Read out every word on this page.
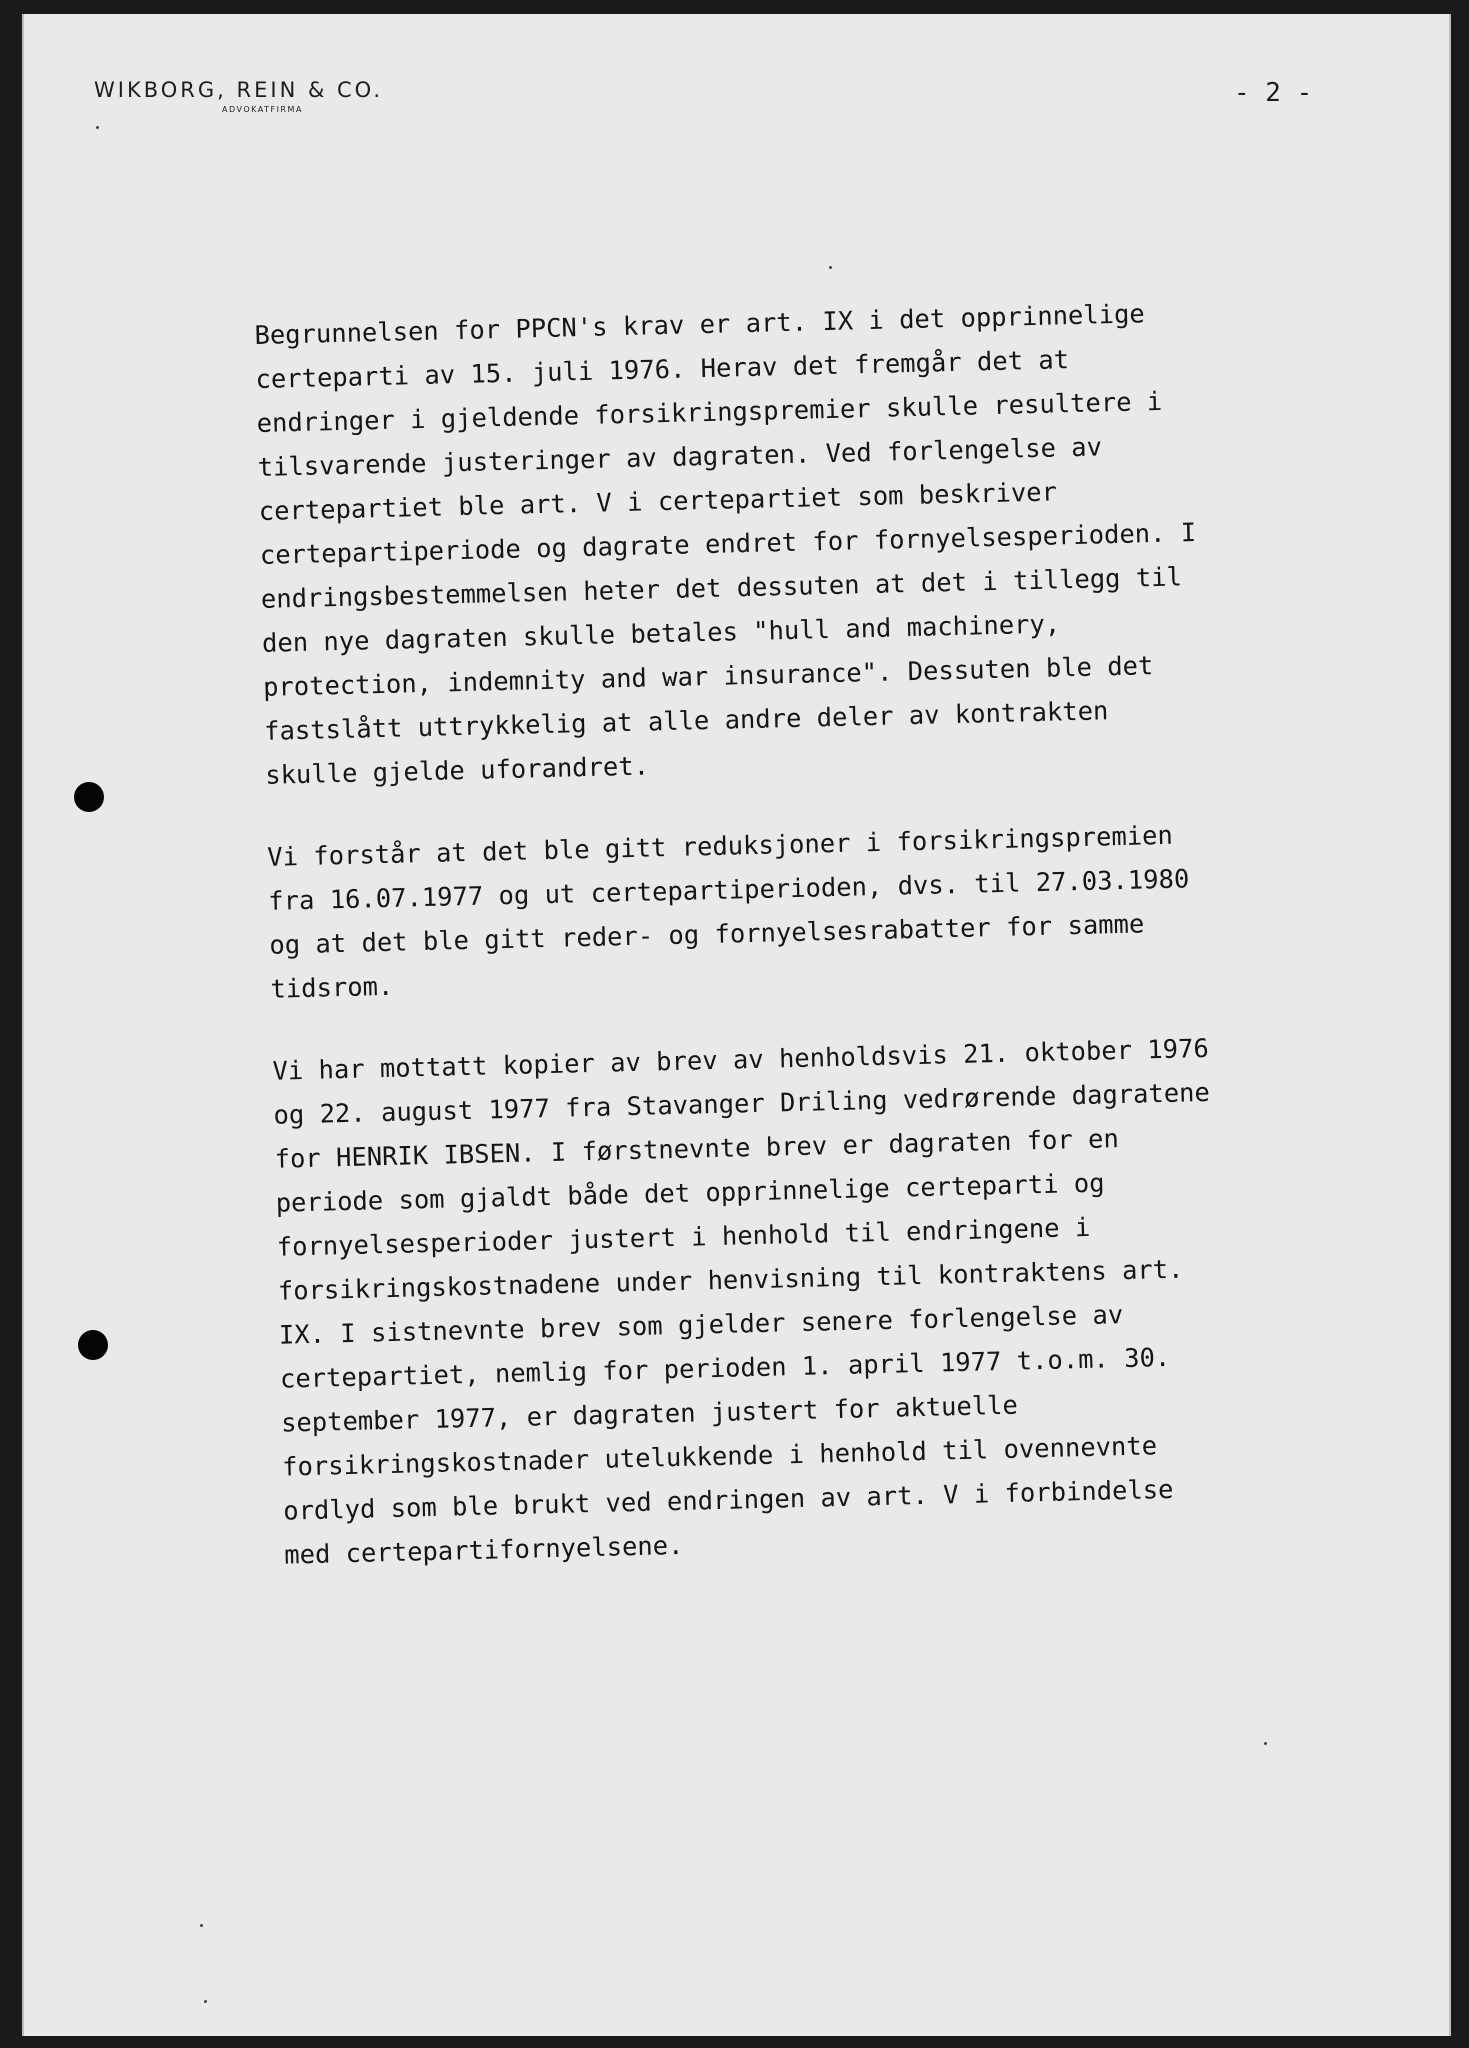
WIKBORG, REIN & CO.
ADVOKATFIRMA
- 2 -
Begrunnelsen for PPCN's krav er art. IX i det opprinnelige
certeparti av 15. juli 1976. Herav det fremgår det at
endringer i gjeldende forsikringspremier skulle resultere i
tilsvarende justeringer av dagraten. Ved forlengelse av
certepartiet ble art. V i certepartiet som beskriver
certepartiperiode og dagrate endret for fornyelsesperioden. I
endringsbestemmelsen heter det dessuten at det i tillegg til
den nye dagraten skulle betales "hull and machinery,
protection, indemnity and war insurance". Dessuten ble det
fastslått uttrykkelig at alle andre deler av kontrakten
skulle gjelde uforandret.
Vi forstår at det ble gitt reduksjoner i forsikringspremien
fra 16.07.1977 og ut certepartiperioden, dvs. til 27.03.1980
og at det ble gitt reder- og fornyelsesrabatter for samme
tidsrom.
Vi har mottatt kopier av brev av henholdsvis 21. oktober 1976
og 22. august 1977 fra Stavanger Driling vedrørende dagratene
for HENRIK IBSEN. I førstnevnte brev er dagraten for en
periode som gjaldt både det opprinnelige certeparti og
fornyelsesperioder justert i henhold til endringene i
forsikringskostnadene under henvisning til kontraktens art.
IX. I sistnevnte brev som gjelder senere forlengelse av
certepartiet, nemlig for perioden 1. april 1977 t.o.m. 30.
september 1977, er dagraten justert for aktuelle
forsikringskostnader utelukkende i henhold til ovennevnte
ordlyd som ble brukt ved endringen av art. V i forbindelse
med certepartifornyelsene.
